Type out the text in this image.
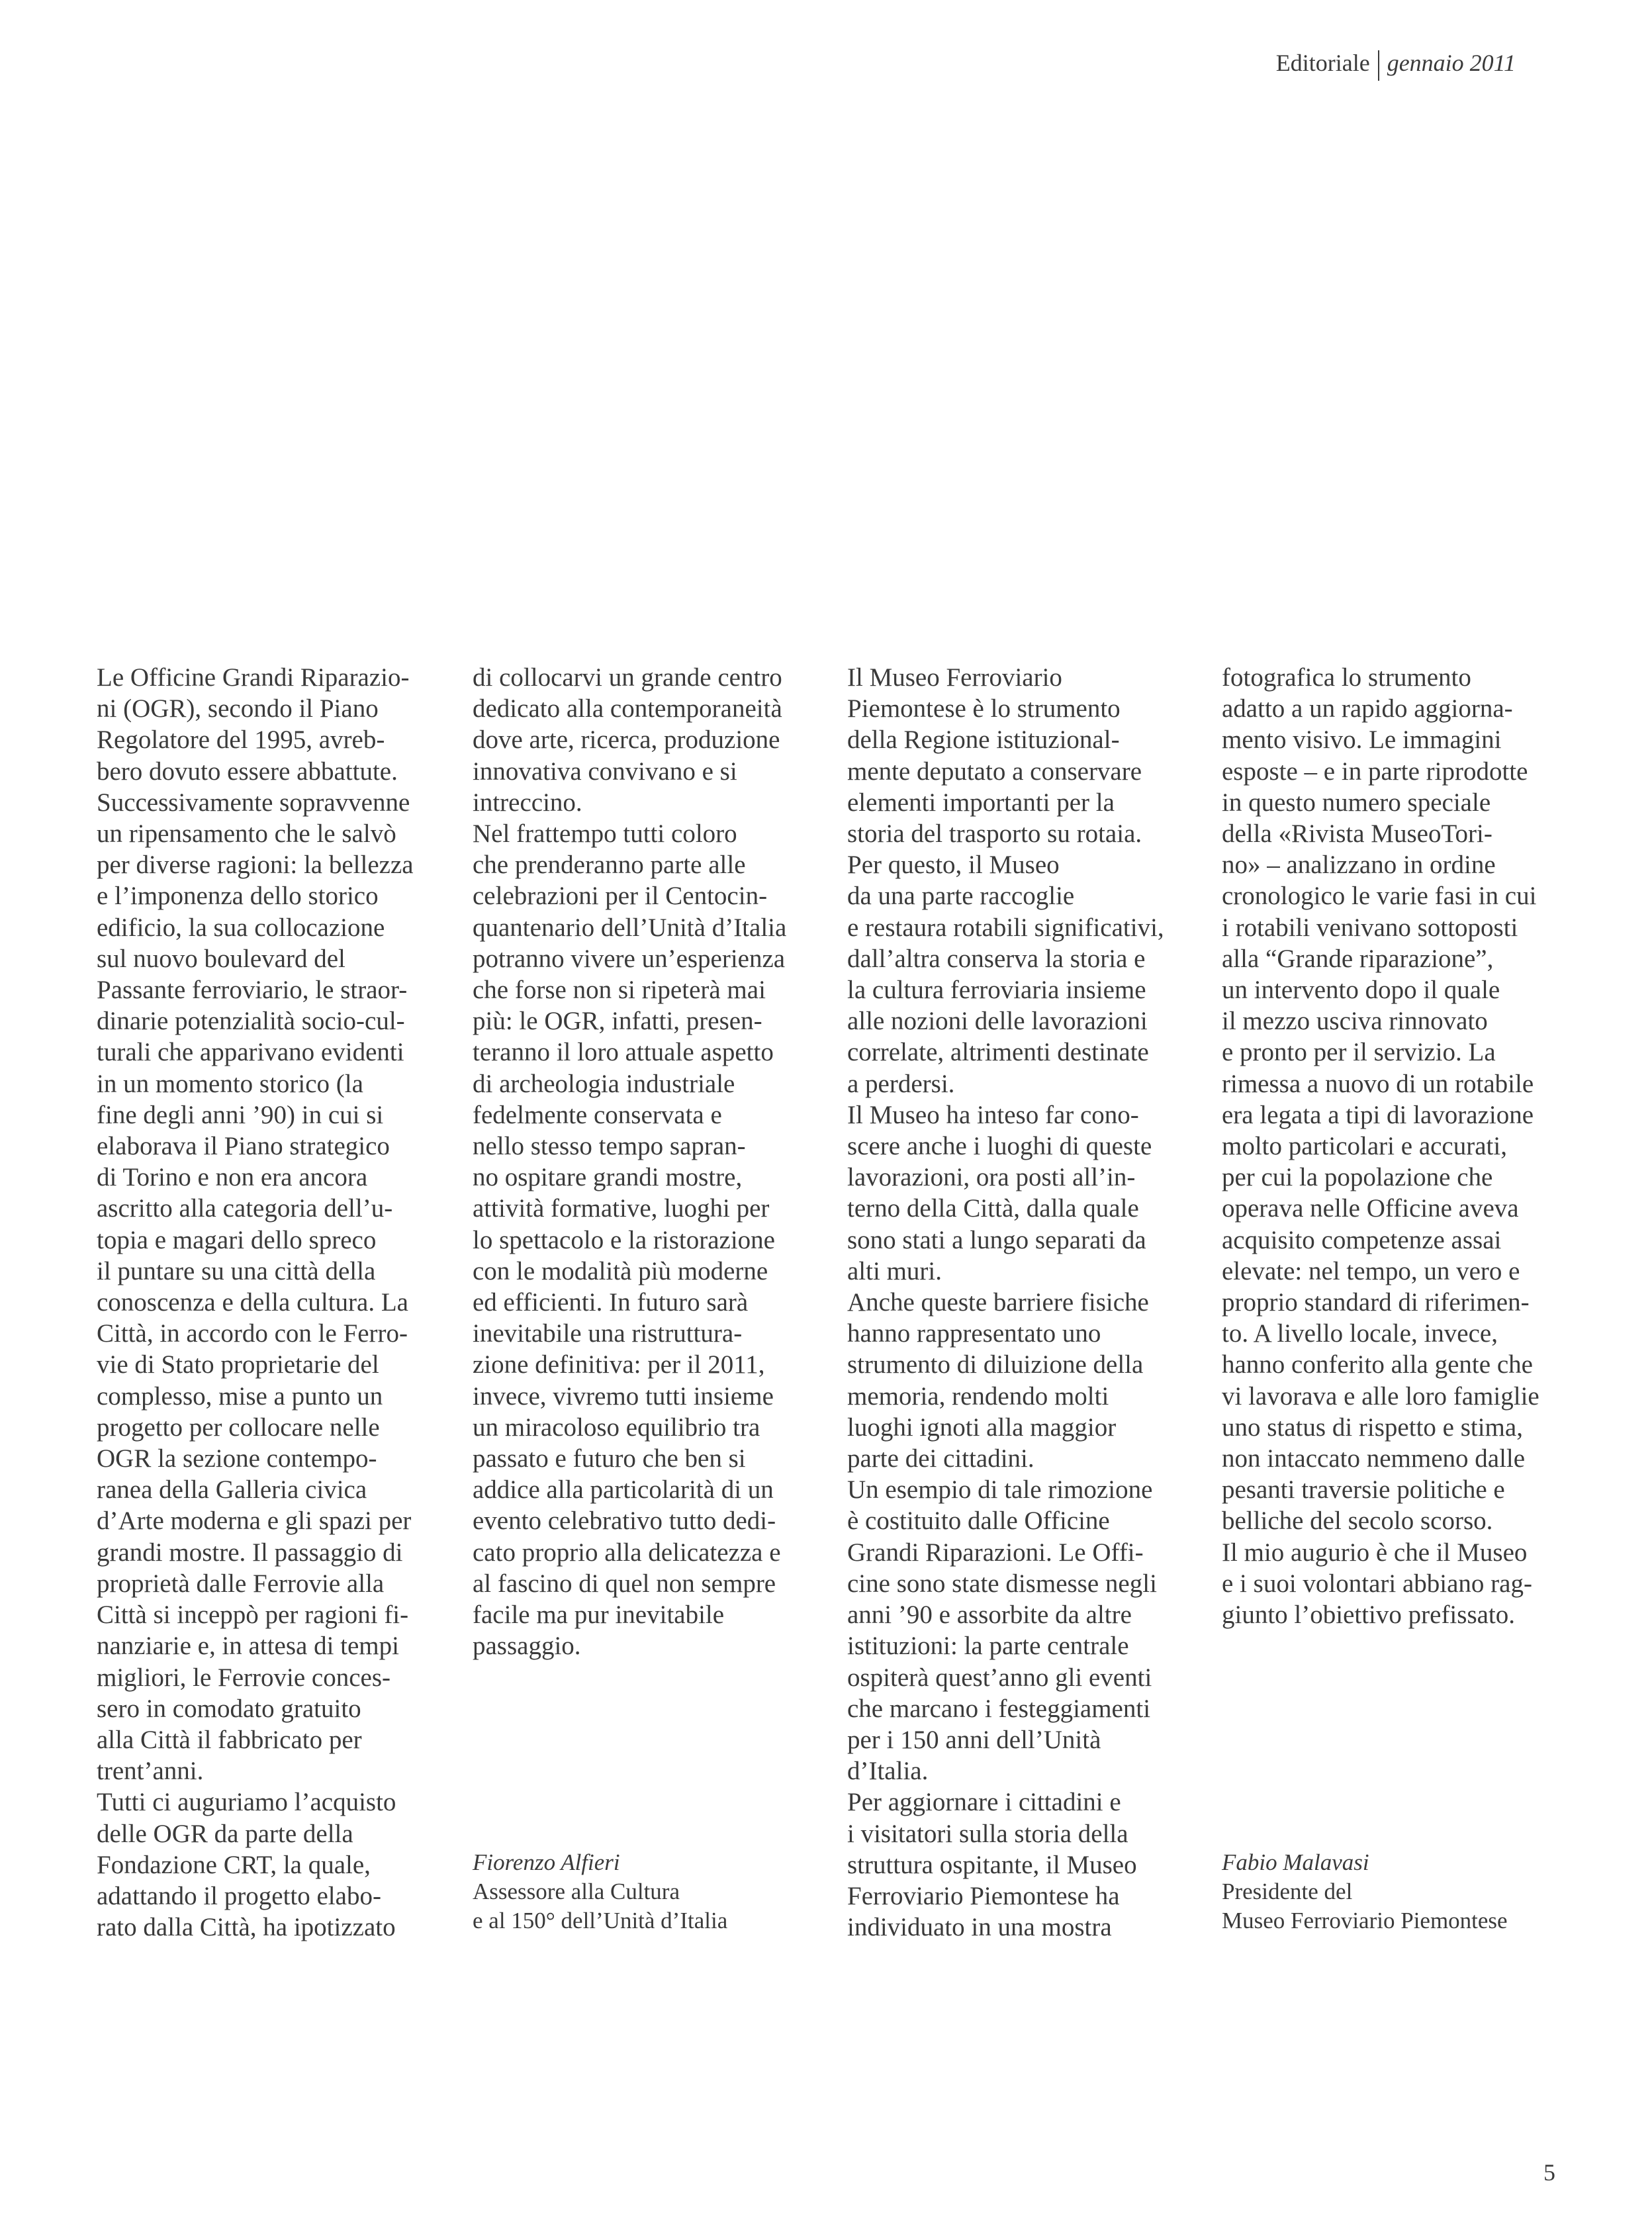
Editoriale gennaio 2011
Le Officine Grandi Riparazio-
ni (OGR), secondo il Piano
Regolatore del 1995, avreb-
bero dovuto essere abbattute.
Successivamente sopravvenne
un ripensamento che le salvò
per diverse ragioni: la bellezza
e l’imponenza dello storico
edificio, la sua collocazione
sul nuovo boulevard del
Passante ferroviario, le straor-
dinarie potenzialità socio-cul-
turali che apparivano evidenti
in un momento storico (la
fine degli anni ’90) in cui si
elaborava il Piano strategico
di Torino e non era ancora
ascritto alla categoria dell’u-
topia e magari dello spreco
il puntare su una città della
conoscenza e della cultura. La
Città, in accordo con le Ferro-
vie di Stato proprietarie del
complesso, mise a punto un
progetto per collocare nelle
OGR la sezione contempo-
ranea della Galleria civica
d’Arte moderna e gli spazi per
grandi mostre. Il passaggio di
proprietà dalle Ferrovie alla
Città si inceppò per ragioni fi-
nanziarie e, in attesa di tempi
migliori, le Ferrovie conces-
sero in comodato gratuito
alla Città il fabbricato per
trent’anni.
Tutti ci auguriamo l’acquisto
delle OGR da parte della
Fondazione CRT, la quale,
adattando il progetto elabo-
rato dalla Città, ha ipotizzato
di collocarvi un grande centro
dedicato alla contemporaneità
dove arte, ricerca, produzione
innovativa convivano e si
intreccino.
Nel frattempo tutti coloro
che prenderanno parte alle
celebrazioni per il Centocin-
quantenario dell’Unità d’Italia
potranno vivere un’esperienza
che forse non si ripeterà mai
più: le OGR, infatti, presen-
teranno il loro attuale aspetto
di archeologia industriale
fedelmente conservata e
nello stesso tempo sapran-
no ospitare grandi mostre,
attività formative, luoghi per
lo spettacolo e la ristorazione
con le modalità più moderne
ed efficienti. In futuro sarà
inevitabile una ristruttura-
zione definitiva: per il 2011,
invece, vivremo tutti insieme
un miracoloso equilibrio tra
passato e futuro che ben si
addice alla particolarità di un
evento celebrativo tutto dedi-
cato proprio alla delicatezza e
al fascino di quel non sempre
facile ma pur inevitabile
passaggio.
Il Museo Ferroviario
Piemontese è lo strumento
della Regione istituzional-
mente deputato a conservare
elementi importanti per la
storia del trasporto su rotaia.
Per questo, il Museo
da una parte raccoglie
e restaura rotabili significativi,
dall’altra conserva la storia e
la cultura ferroviaria insieme
alle nozioni delle lavorazioni
correlate, altrimenti destinate
a perdersi.
Il Museo ha inteso far cono-
scere anche i luoghi di queste
lavorazioni, ora posti all’in-
terno della Città, dalla quale
sono stati a lungo separati da
alti muri.
Anche queste barriere fisiche
hanno rappresentato uno
strumento di diluizione della
memoria, rendendo molti
luoghi ignoti alla maggior
parte dei cittadini.
Un esempio di tale rimozione
è costituito dalle Officine
Grandi Riparazioni. Le Offi-
cine sono state dismesse negli
anni ’90 e assorbite da altre
istituzioni: la parte centrale
ospiterà quest’anno gli eventi
che marcano i festeggiamenti
per i 150 anni dell’Unità
d’Italia.
Per aggiornare i cittadini e
i visitatori sulla storia della
struttura ospitante, il Museo
Ferroviario Piemontese ha
individuato in una mostra
fotografica lo strumento
adatto a un rapido aggiorna-
mento visivo. Le immagini
esposte – e in parte riprodotte
in questo numero speciale
della «Rivista MuseoTori-
no» – analizzano in ordine
cronologico le varie fasi in cui
i rotabili venivano sottoposti
alla “Grande riparazione”,
un intervento dopo il quale
il mezzo usciva rinnovato
e pronto per il servizio. La
rimessa a nuovo di un rotabile
era legata a tipi di lavorazione
molto particolari e accurati,
per cui la popolazione che
operava nelle Officine aveva
acquisito competenze assai
elevate: nel tempo, un vero e
proprio standard di riferimen-
to. A livello locale, invece,
hanno conferito alla gente che
vi lavorava e alle loro famiglie
uno status di rispetto e stima,
non intaccato nemmeno dalle
pesanti traversie politiche e
belliche del secolo scorso.
Il mio augurio è che il Museo
e i suoi volontari abbiano rag-
giunto l’obiettivo prefissato.
Fiorenzo Alfieri
Assessore alla Cultura
e al 150° dell’Unità d’Italia
Fabio Malavasi
Presidente del
Museo Ferroviario Piemontese
5
